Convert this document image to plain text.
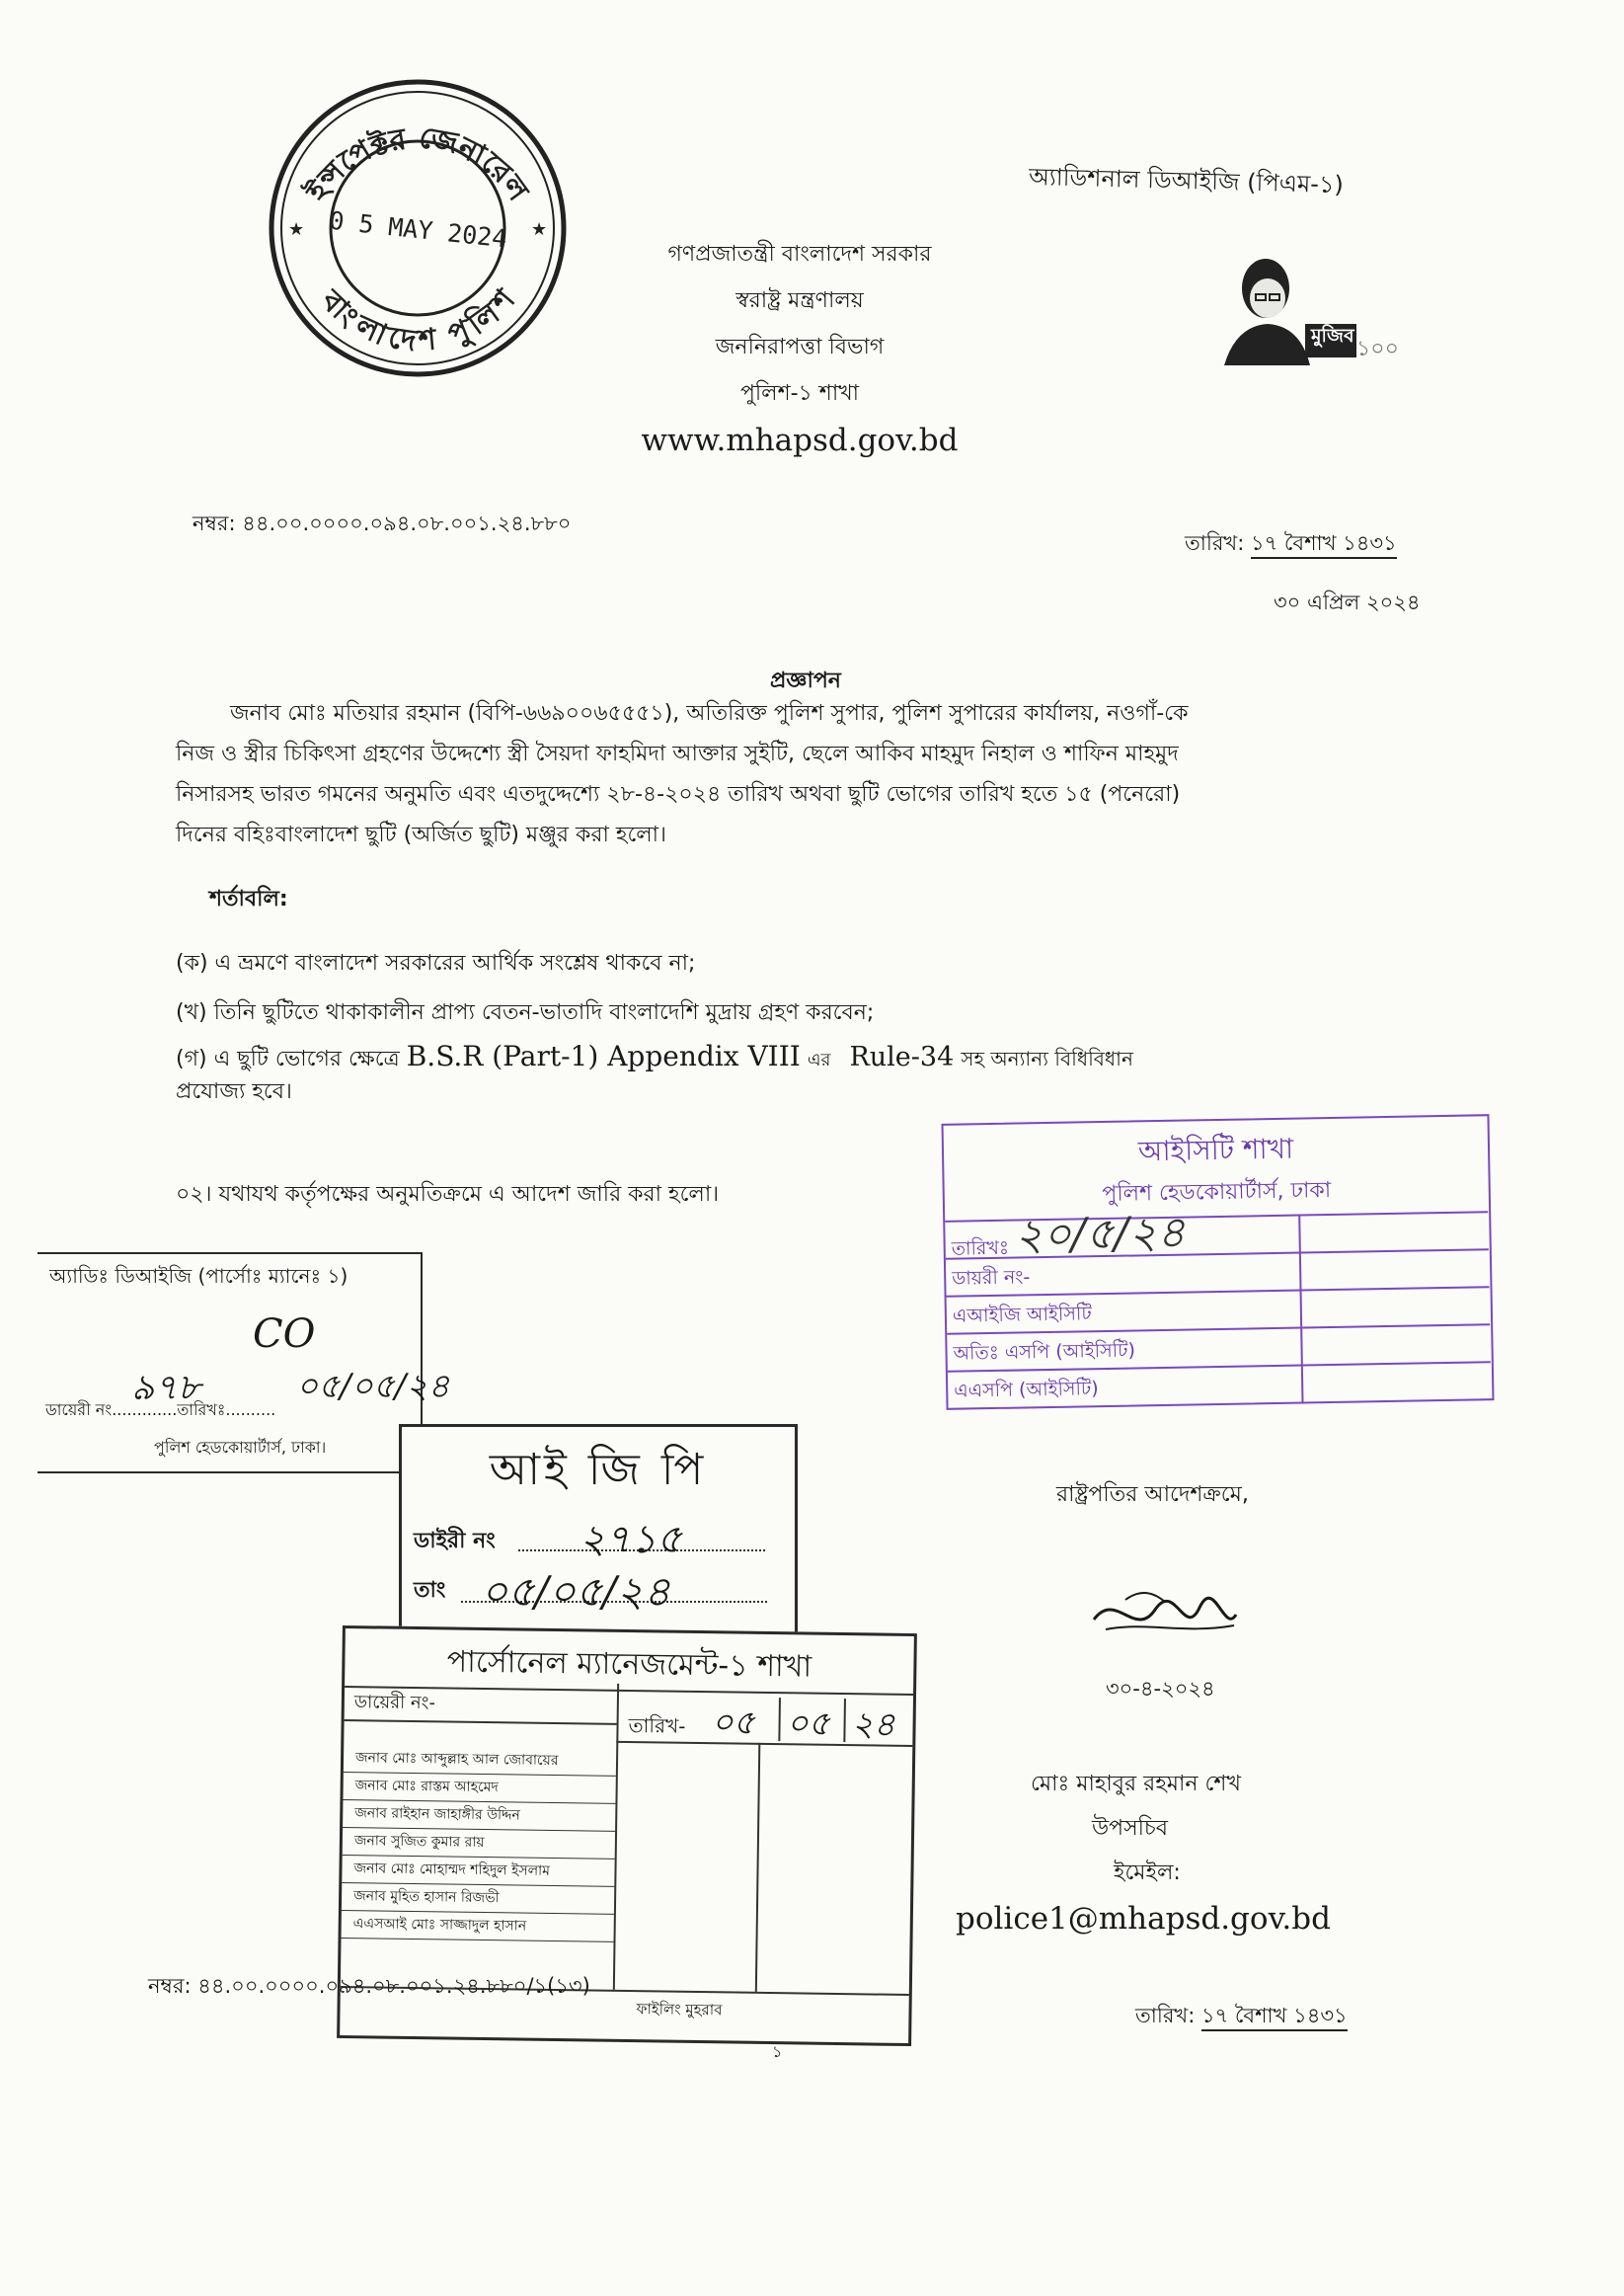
ইন্সপেক্টর জেনারেল
বাংলাদেশ পুলিশ
★	★
0 5 MAY 2024
অ্যাডিশনাল ডিআইজি (পিএম-১)
গণপ্রজাতন্ত্রী বাংলাদেশ সরকার
স্বরাষ্ট্র মন্ত্রণালয়
জননিরাপত্তা বিভাগ
পুলিশ-১ শাখা
www.mhapsd.gov.bd
মুজিব
১০০
নম্বর: ৪৪.০০.০০০০.০৯৪.০৮.০০১.২৪.৮৮০
তারিখ: ১৭ বৈশাখ ১৪৩১
৩০ এপ্রিল ২০২৪
প্রজ্ঞাপন
জনাব মোঃ মতিয়ার রহমান (বিপি-৬৬৯০০৬৫৫৫১), অতিরিক্ত পুলিশ সুপার, পুলিশ সুপারের কার্যালয়, নওগাঁ-কে
নিজ ও স্ত্রীর চিকিৎসা গ্রহণের উদ্দেশ্যে স্ত্রী সৈয়দা ফাহমিদা আক্তার সুইটি, ছেলে আকিব মাহমুদ নিহাল ও শাফিন মাহমুদ
নিসারসহ ভারত গমনের অনুমতি এবং এতদুদ্দেশ্যে ২৮-৪-২০২৪ তারিখ অথবা ছুটি ভোগের তারিখ হতে ১৫ (পনেরো)
দিনের বহিঃবাংলাদেশ ছুটি (অর্জিত ছুটি) মঞ্জুর করা হলো।
শর্তাবলি:
(ক) এ ভ্রমণে বাংলাদেশ সরকারের আর্থিক সংশ্লেষ থাকবে না;
(খ) তিনি ছুটিতে থাকাকালীন প্রাপ্য বেতন-ভাতাদি বাংলাদেশি মুদ্রায় গ্রহণ করবেন;
(গ) এ ছুটি ভোগের ক্ষেত্রে B.S.R (Part-1) Appendix VIII এর Rule-34 সহ অন্যান্য বিধিবিধান
প্রযোজ্য হবে।
০২। যথাযথ কর্তৃপক্ষের অনুমতিক্রমে এ আদেশ জারি করা হলো।
আইসিটি শাখা
পুলিশ হেডকোয়ার্টার্স, ঢাকা
তারিখঃ ২০/৫/২৪
ডায়রী নং-
এআইজি আইসিটি
অতিঃ এসপি (আইসিটি)
এএসপি (আইসিটি)
অ্যাডিঃ ডিআইজি (পার্সোঃ ম্যানেঃ ১)
CO
৯৭৮	০৫/০৫/২৪
ডায়েরী নং.............তারিখঃ..........
পুলিশ হেডকোয়ার্টার্স, ঢাকা।	আই জি পি
ডাইরী নং ২৭১৫
তাং ০৫/০৫/২৪
পার্সোনেল ম্যানেজমেন্ট-১ শাখা
ডায়েরী নং-
তারিখ- ০৫ ০৫ ২৪
জনাব মোঃ আব্দুল্লাহ আল জোবায়ের
জনাব মোঃ রাস্তম আহমেদ
জনাব রাইহান জাহাঙ্গীর উদ্দিন
জনাব সুজিত কুমার রায়
জনাব মোঃ মোহাম্মদ শহিদুল ইসলাম
জনাব মুহিত হাসান রিজভী
এএসআই মোঃ সাজ্জাদুল হাসান
ফাইলিং মুহরাব
রাষ্ট্রপতির আদেশক্রমে,
৩০-৪-২০২৪
মোঃ মাহাবুর রহমান শেখ
উপসচিব
ইমেইল:
police1@mhapsd.gov.bd
নম্বর: ৪৪.০০.০০০০.০৯৪.০৮.০০১.২৪.৮৮০/১(১৩)
তারিখ: ১৭ বৈশাখ ১৪৩১
১
